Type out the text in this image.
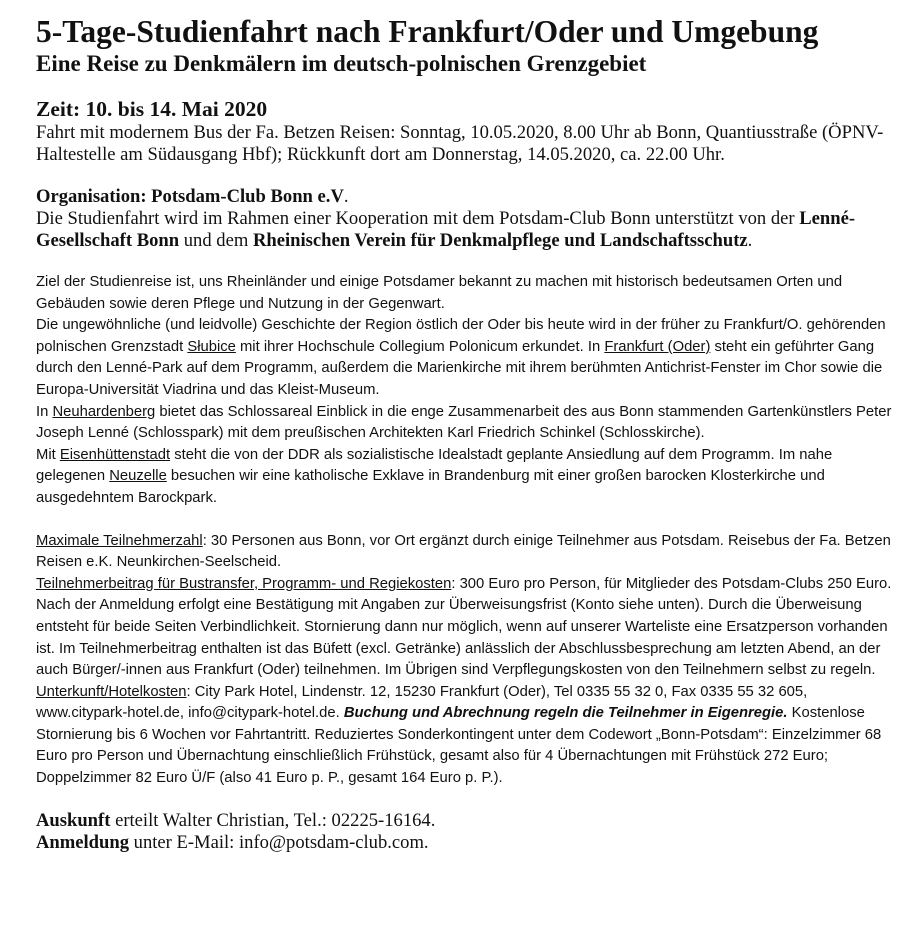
5-Tage-Studienfahrt nach Frankfurt/Oder und Umgebung
Eine Reise zu Denkmälern im deutsch-polnischen Grenzgebiet
Zeit: 10. bis 14. Mai 2020

Fahrt mit modernem Bus der Fa. Betzen Reisen: Sonntag, 10.05.2020, 8.00 Uhr ab Bonn, Quantiusstraße (ÖPNV-Haltestelle am Südausgang Hbf); Rückkunft dort am Donnerstag, 14.05.2020, ca. 22.00 Uhr.

Organisation: Potsdam-Club Bonn e.V.

Die Studienfahrt wird im Rahmen einer Kooperation mit dem Potsdam-Club Bonn unterstützt von der Lenné-Gesellschaft Bonn und dem Rheinischen Verein für Denkmalpflege und Landschaftsschutz.

Ziel der Studienreise ist, uns Rheinländer und einige Potsdamer bekannt zu machen mit historisch bedeutsamen Orten und Gebäuden sowie deren Pflege und Nutzung in der Gegenwart.

Die ungewöhnliche (und leidvolle) Geschichte der Region östlich der Oder bis heute wird in der früher zu Frankfurt/O. gehörenden polnischen Grenzstadt Słubice mit ihrer Hochschule Collegium Polonicum erkundet. In Frankfurt (Oder) steht ein geführter Gang durch den Lenné-Park auf dem Programm, außerdem die Marienkirche mit ihrem berühmten Antichrist-Fenster im Chor sowie die Europa-Universität Viadrina und das Kleist-Museum.

In Neuhardenberg bietet das Schlossareal Einblick in die enge Zusammenarbeit des aus Bonn stammenden Gartenkünstlers Peter Joseph Lenné (Schlosspark) mit dem preußischen Architekten Karl Friedrich Schinkel (Schlosskirche).

Mit Eisenhüttenstadt steht die von der DDR als sozialistische Idealstadt geplante Ansiedlung auf dem Programm. Im nahe gelegenen Neuzelle besuchen wir eine katholische Exklave in Brandenburg mit einer großen barocken Klosterkirche und ausgedehntem Barockpark.

Maximale Teilnehmerzahl: 30 Personen aus Bonn, vor Ort ergänzt durch einige Teilnehmer aus Potsdam. Reisebus der Fa. Betzen Reisen e.K. Neunkirchen-Seelscheid.

Teilnehmerbeitrag für Bustransfer, Programm- und Regiekosten: 300 Euro pro Person, für Mitglieder des Potsdam-Clubs 250 Euro. Nach der Anmeldung erfolgt eine Bestätigung mit Angaben zur Überweisungsfrist (Konto siehe unten). Durch die Überweisung entsteht für beide Seiten Verbindlichkeit. Stornierung dann nur möglich, wenn auf unserer Warteliste eine Ersatzperson vorhanden ist. Im Teilnehmerbeitrag enthalten ist das Büfett (excl. Getränke) anlässlich der Abschlussbesprechung am letzten Abend, an der auch Bürger/-innen aus Frankfurt (Oder) teilnehmen. Im Übrigen sind Verpflegungskosten von den Teilnehmern selbst zu regeln.

Unterkunft/Hotelkosten: City Park Hotel, Lindenstr. 12, 15230 Frankfurt (Oder), Tel 0335 55 32 0, Fax 0335 55 32 605, www.citypark-hotel.de, info@citypark-hotel.de. Buchung und Abrechnung regeln die Teilnehmer in Eigenregie. Kostenlose Stornierung bis 6 Wochen vor Fahrtantritt. Reduziertes Sonderkontingent unter dem Codewort „Bonn-Potsdam“: Einzelzimmer 68 Euro pro Person und Übernachtung einschließlich Frühstück, gesamt also für 4 Übernachtungen mit Frühstück 272 Euro; Doppelzimmer 82 Euro Ü/F (also 41 Euro p. P., gesamt 164 Euro p. P.).

Auskunft erteilt Walter Christian, Tel.: 02225-16164.

Anmeldung unter E-Mail: info@potsdam-club.com.
